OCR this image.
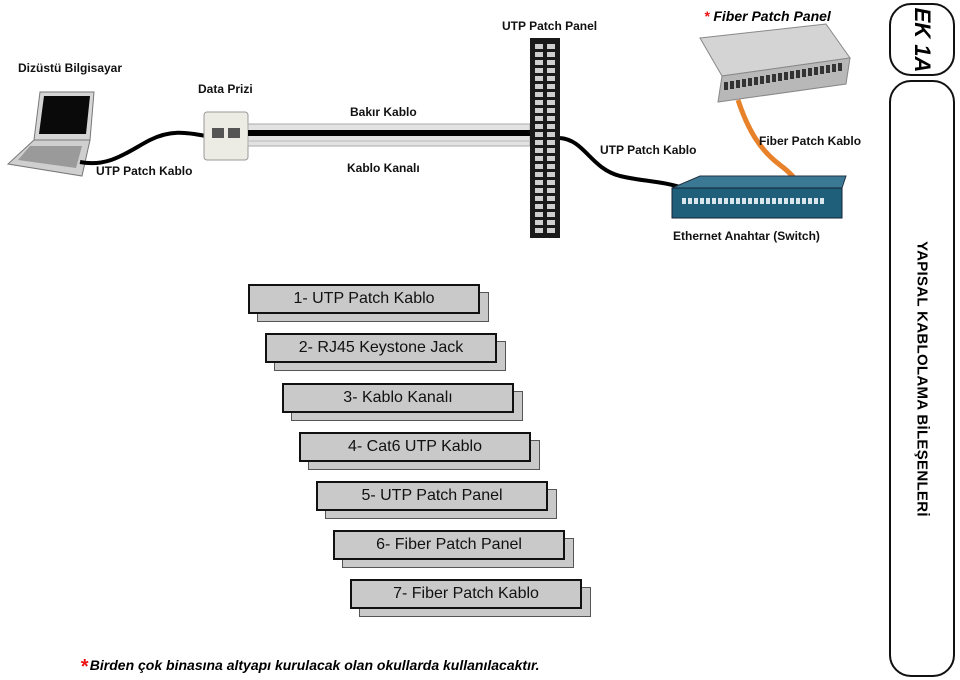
Dizüstü Bilgisayar
Data Prizi
Bakır Kablo
Kablo Kanalı
UTP Patch Kablo
UTP Patch Panel
UTP Patch Kablo
* Fiber Patch Panel
Fiber Patch Kablo
Ethernet Anahtar (Switch)
1- UTP Patch Kablo
2- RJ45 Keystone Jack
3- Kablo Kanalı
4- Cat6 UTP Kablo
5- UTP Patch Panel
6- Fiber Patch Panel
7- Fiber Patch Kablo
EK 1A
YAPISAL KABLOLAMA BİLEŞENLERİ
* Birden çok binasına altyapı kurulacak olan okullarda kullanılacaktır.
